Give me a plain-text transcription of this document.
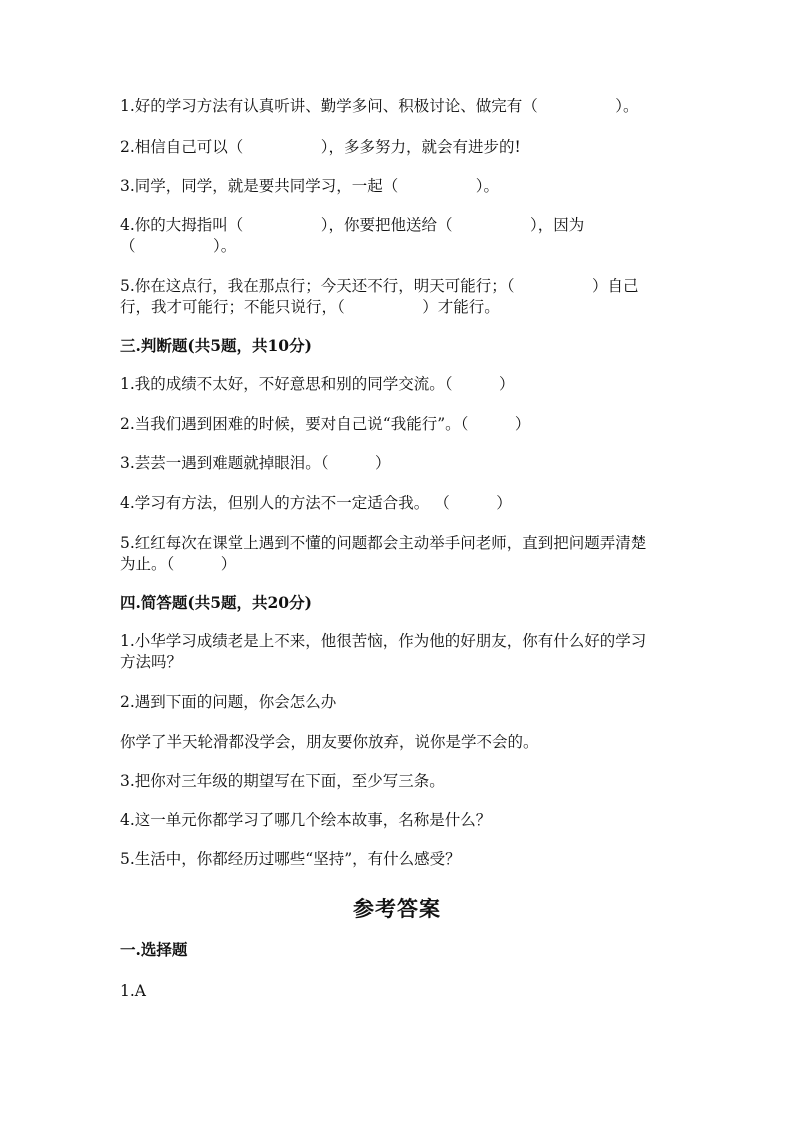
1.好的学习方法有认真听讲、勤学多问、积极讨论、做完有（　　　　　）。
2.相信自己可以（　　　　　），多多努力，就会有进步的!
3.同学，同学，就是要共同学习，一起（　　　　　）。
4.你的大拇指叫（　　　　　），你要把他送给（　　　　　），因为
（　　　　　）。
5.你在这点行，我在那点行；今天还不行，明天可能行；（　　　　　）自己
行，我才可能行；不能只说行，（　　　　　）才能行。
三.判断题(共5题，共10分)
1.我的成绩不太好，不好意思和别的同学交流。（　　　）
2.当我们遇到困难的时候，要对自己说“我能行”。（　　　）
3.芸芸一遇到难题就掉眼泪。（　　　）
4.学习有方法，但别人的方法不一定适合我。 （　　　）
5.红红每次在课堂上遇到不懂的问题都会主动举手问老师，直到把问题弄清楚
为止。（　　　）
四.简答题(共5题，共20分)
1.小华学习成绩老是上不来，他很苦恼，作为他的好朋友，你有什么好的学习
方法吗？
2.遇到下面的问题，你会怎么办
你学了半天轮滑都没学会，朋友要你放弃，说你是学不会的。
3.把你对三年级的期望写在下面，至少写三条。
4.这一单元你都学习了哪几个绘本故事，名称是什么？
5.生活中，你都经历过哪些“坚持”，有什么感受？
参考答案
一.选择题
1.A
